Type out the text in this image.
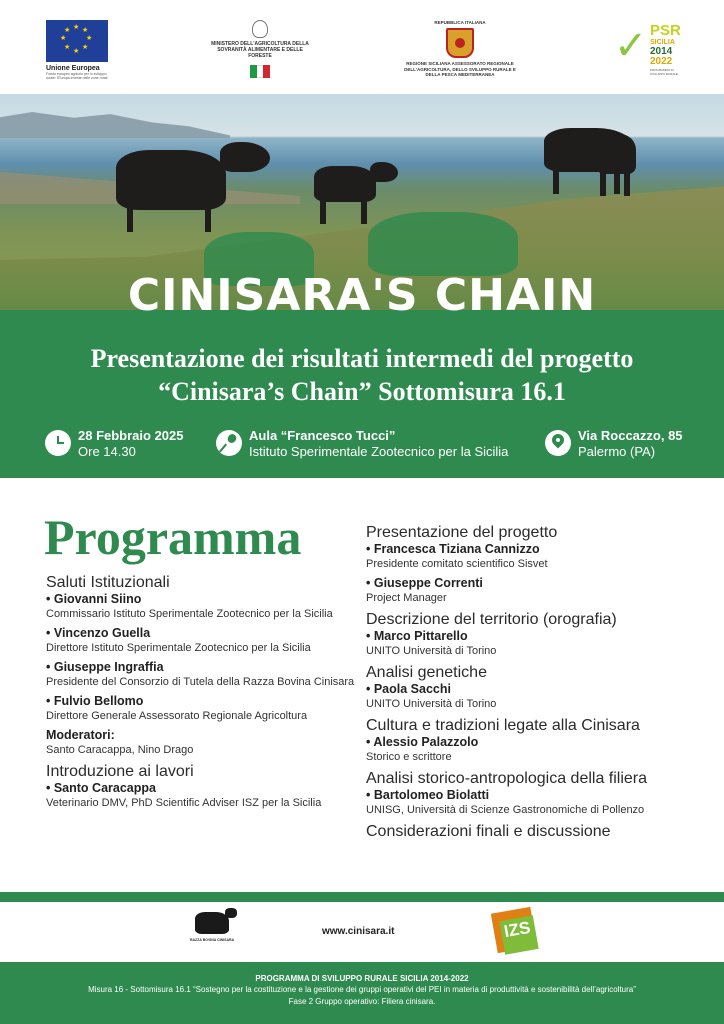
★ ★
★
★
★
★
★
★
Unione Europea
Fondo europeo agricolo per lo sviluppo rurale: l'Europa investe nelle zone rurali
MINISTERO DELL'AGRICOLTURA DELLA SOVRANITÀ ALIMENTARE E DELLE FORESTE
REPUBBLICA ITALIANA
REGIONE SICILIANA ASSESSORATO REGIONALE DELL'AGRICOLTURA, DELLO SVILUPPO RURALE E DELLA PESCA MEDITERRANEA
✓ PSR
SICILIA
2014
2022
PROGRAMMA DI SVILUPPO RURALE
CINISARA'S CHAIN
Presentazione dei risultati intermedi del progetto
“Cinisara’s Chain” Sottomisura 16.1
28 Febbraio 2025
Ore 14.30
Aula “Francesco Tucci”
Istituto Sperimentale Zootecnico per la Sicilia
Via Roccazzo, 85
Palermo (PA)
Programma
Saluti Istituzionali
• Giovanni Siino
Commissario Istituto Sperimentale Zootecnico per la Sicilia
• Vincenzo Guella
Direttore Istituto Sperimentale Zootecnico per la Sicilia
• Giuseppe Ingraffia
Presidente del Consorzio di Tutela della Razza Bovina Cinisara
• Fulvio Bellomo
Direttore Generale Assessorato Regionale Agricoltura
Moderatori:
Santo Caracappa, Nino Drago
Introduzione ai lavori
• Santo Caracappa
Veterinario DMV, PhD Scientific Adviser ISZ per la Sicilia
Presentazione del progetto
• Francesca Tiziana Cannizzo
Presidente comitato scientifico Sisvet
• Giuseppe Correnti
Project Manager
Descrizione del territorio (orografia)
• Marco Pittarello
UNITO Università di Torino
Analisi genetiche
• Paola Sacchi
UNITO Università di Torino
Cultura e tradizioni legate alla Cinisara
• Alessio Palazzolo
Storico e scrittore
Analisi storico-antropologica della filiera
• Bartolomeo Biolatti
UNISG, Università di Scienze Gastronomiche di Pollenzo
Considerazioni finali e discussione
RAZZA BOVINA CINISARA
www.cinisara.it	IZS
PROGRAMMA DI SVILUPPO RURALE SICILIA 2014-2022
Misura 16 - Sottomisura 16.1 “Sostegno per la costituzione e la gestione dei gruppi operativi del PEI in materia di produttività e sostenibilità dell’agricoltura”
Fase 2 Gruppo operativo: Filiera cinisara.
